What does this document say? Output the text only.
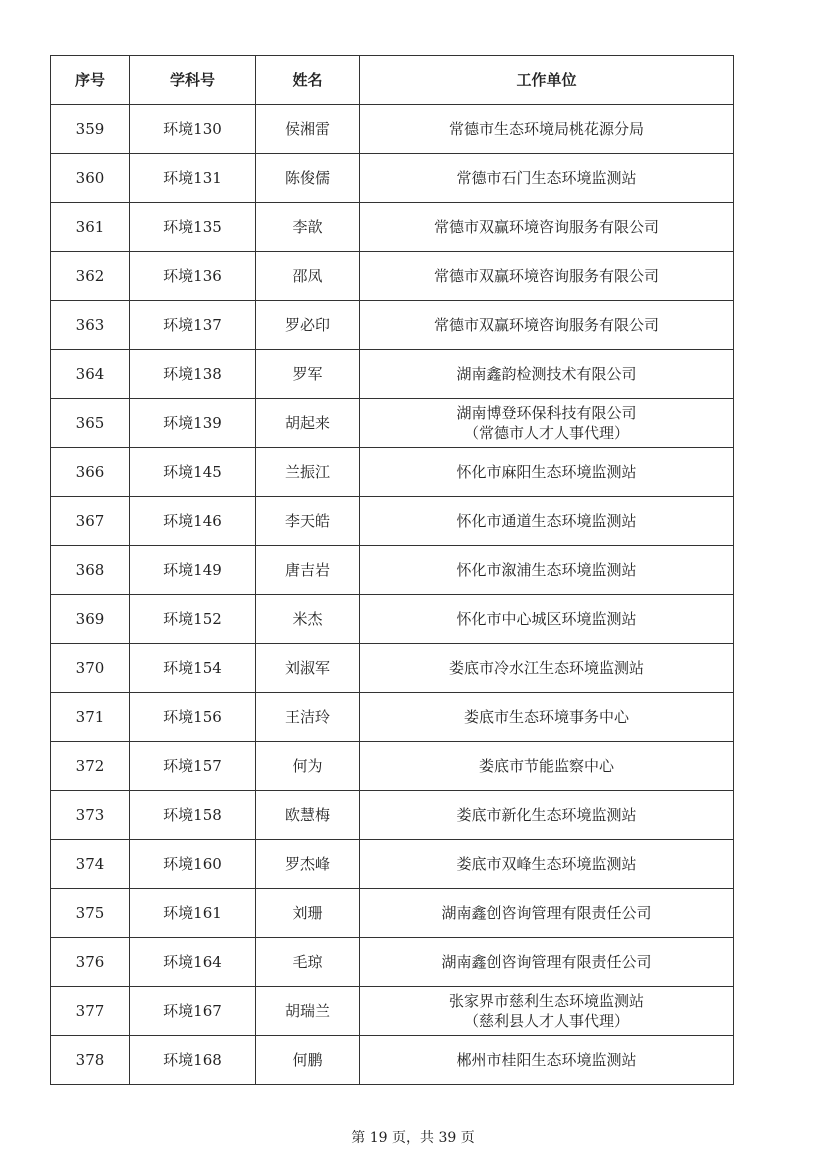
序号	学科号	姓名	工作单位
359	环境130	侯湘雷	常德市生态环境局桃花源分局

360	环境131	陈俊儒	常德市石门生态环境监测站

361	环境135	李歆	常德市双赢环境咨询服务有限公司

362	环境136	邵凤	常德市双赢环境咨询服务有限公司

363	环境137	罗必印	常德市双赢环境咨询服务有限公司

364	环境138	罗军	湖南鑫韵检测技术有限公司

365	环境139	胡起来	湖南博登环保科技有限公司
（常德市人才人事代理）

366	环境145	兰振江	怀化市麻阳生态环境监测站

367	环境146	李天皓	怀化市通道生态环境监测站

368	环境149	唐吉岩	怀化市溆浦生态环境监测站

369	环境152	米杰	怀化市中心城区环境监测站

370	环境154	刘淑军	娄底市冷水江生态环境监测站

371	环境156	王洁玲	娄底市生态环境事务中心

372	环境157	何为	娄底市节能监察中心

373	环境158	欧慧梅	娄底市新化生态环境监测站

374	环境160	罗杰峰	娄底市双峰生态环境监测站

375	环境161	刘珊	湖南鑫创咨询管理有限责任公司

376	环境164	毛琼	湖南鑫创咨询管理有限责任公司

377	环境167	胡瑞兰	张家界市慈利生态环境监测站
（慈利县人才人事代理）

378	环境168	何鹏	郴州市桂阳生态环境监测站
第 19 页，共 39 页
